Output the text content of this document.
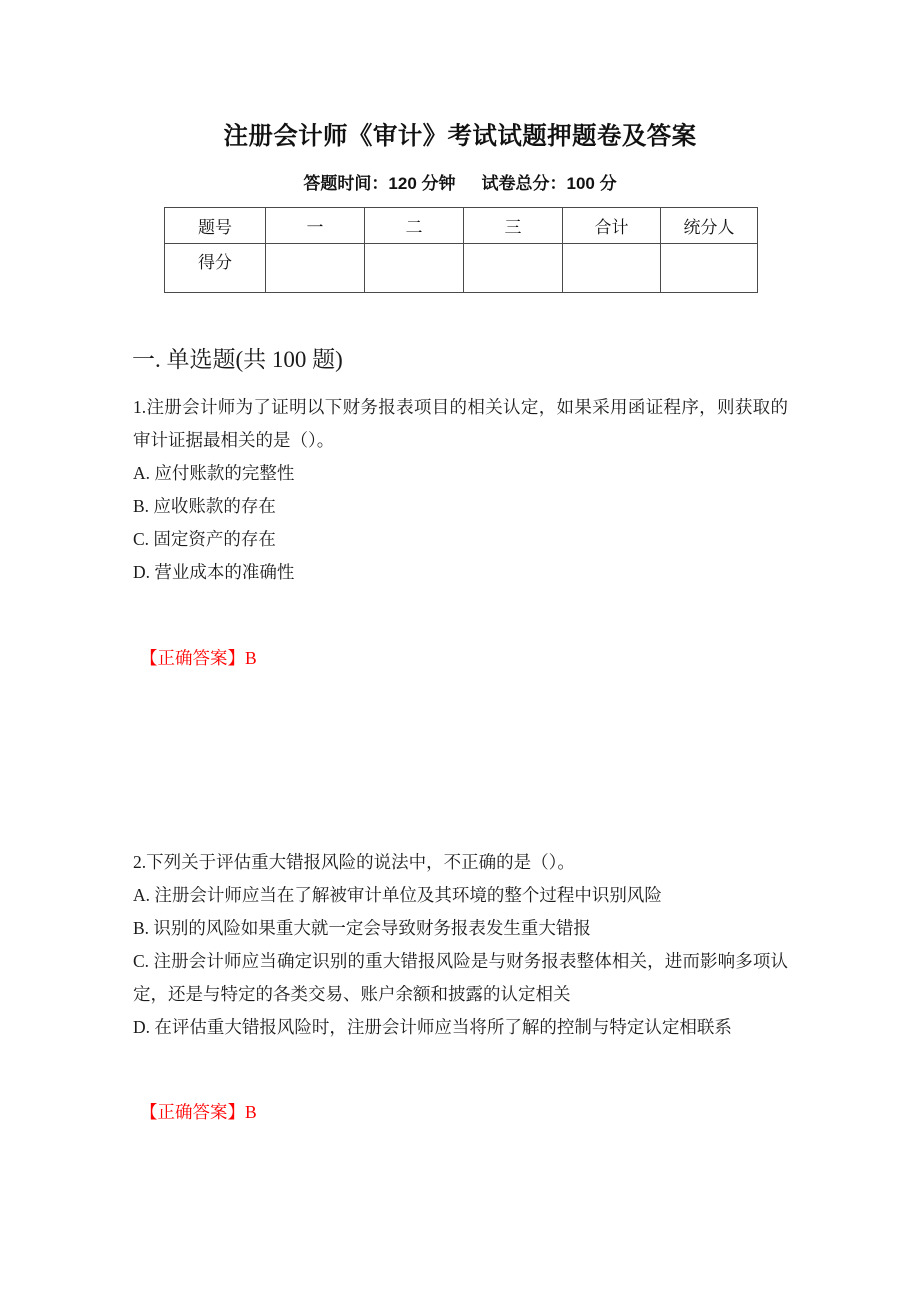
注册会计师《审计》考试试题押题卷及答案
答题时间：120 分钟 试卷总分：100 分
题号	一	二	三	合计	统分人
得分					
一. 单选题(共 100 题)

1.注册会计师为了证明以下财务报表项目的相关认定，如果采用函证程序，则获取的审计证据最相关的是（）。

A. 应付账款的完整性

B. 应收账款的存在

C. 固定资产的存在

D. 营业成本的准确性

【正确答案】B

2.下列关于评估重大错报风险的说法中，不正确的是（）。

A. 注册会计师应当在了解被审计单位及其环境的整个过程中识别风险

B. 识别的风险如果重大就一定会导致财务报表发生重大错报

C. 注册会计师应当确定识别的重大错报风险是与财务报表整体相关，进而影响多项认定，还是与特定的各类交易、账户余额和披露的认定相关

D. 在评估重大错报风险时，注册会计师应当将所了解的控制与特定认定相联系

【正确答案】B
